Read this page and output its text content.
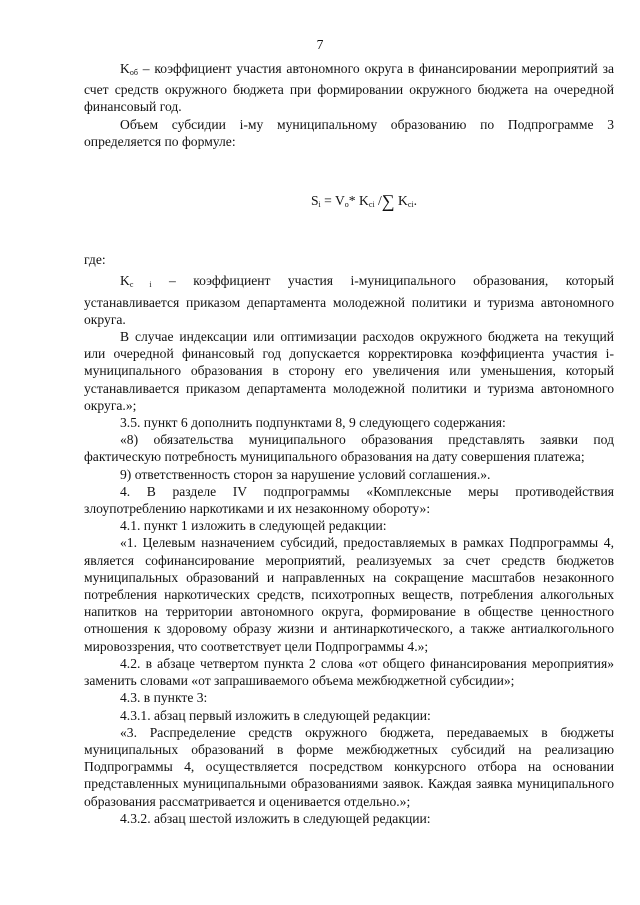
7

$K_{oб}$ – коэффициент участия автономного округа в финансировании мероприятий за счет средств окружного бюджета при формировании окружного бюджета на очередной финансовый год.

Объем субсидии i-му муниципальному образованию по Подпрограмме 3 определяется по формуле:

$S_i = V_o*$ $K_{ci}$ /∑ $K_{ci}$.

где:

$K_{c i}$ – коэффициент участия i-муниципального образования, который устанавливается приказом департамента молодежной политики и туризма автономного округа.

В случае индексации или оптимизации расходов окружного бюджета на текущий или очередной финансовый год допускается корректировка коэффициента участия i-муниципального образования в сторону его увеличения или уменьшения, который устанавливается приказом департамента молодежной политики и туризма автономного округа.»;

3.5. пункт 6 дополнить подпунктами 8, 9 следующего содержания:

«8) обязательства муниципального образования представлять заявки под фактическую потребность муниципального образования на дату совершения платежа;

9) ответственность сторон за нарушение условий соглашения.».

4. В разделе IV подпрограммы «Комплексные меры противодействия злоупотреблению наркотиками и их незаконному обороту»:

4.1. пункт 1 изложить в следующей редакции:

«1. Целевым назначением субсидий, предоставляемых в рамках Подпрограммы 4, является софинансирование мероприятий, реализуемых за счет средств бюджетов муниципальных образований и направленных на сокращение масштабов незаконного потребления наркотических средств, психотропных веществ, потребления алкогольных напитков на территории автономного округа, формирование в обществе ценностного отношения к здоровому образу жизни и антинаркотического, а также антиалкогольного мировоззрения, что соответствует цели Подпрограммы 4.»;

4.2. в абзаце четвертом пункта 2 слова «от общего финансирования мероприятия» заменить словами «от запрашиваемого объема межбюджетной субсидии»;

4.3. в пункте 3:

4.3.1. абзац первый изложить в следующей редакции:

«3. Распределение средств окружного бюджета, передаваемых в бюджеты муниципальных образований в форме межбюджетных субсидий на реализацию Подпрограммы 4, осуществляется посредством конкурсного отбора на основании представленных муниципальными образованиями заявок. Каждая заявка муниципального образования рассматривается и оценивается отдельно.»;

4.3.2. абзац шестой изложить в следующей редакции:
